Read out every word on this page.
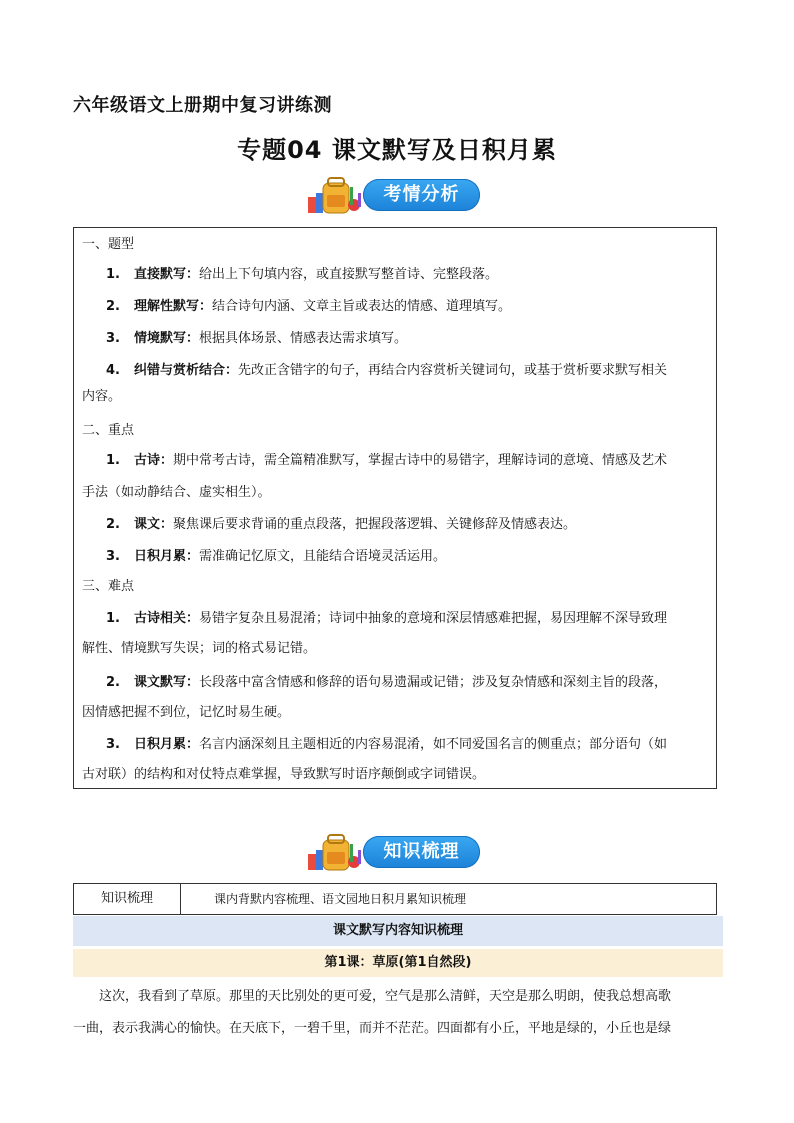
六年级语文上册期中复习讲练测
专题04 课文默写及日积月累
考情分析
一、题型
1. 直接默写：给出上下句填内容，或直接默写整首诗、完整段落。
2. 理解性默写：结合诗句内涵、文章主旨或表达的情感、道理填写。
3. 情境默写：根据具体场景、情感表达需求填写。
4. 纠错与赏析结合：先改正含错字的句子，再结合内容赏析关键词句，或基于赏析要求默写相关
内容。
二、重点
1. 古诗：期中常考古诗，需全篇精准默写，掌握古诗中的易错字，理解诗词的意境、情感及艺术
手法（如动静结合、虚实相生）。
2. 课文：聚焦课后要求背诵的重点段落，把握段落逻辑、关键修辞及情感表达。
3. 日积月累：需准确记忆原文，且能结合语境灵活运用。
三、难点
1. 古诗相关：易错字复杂且易混淆；诗词中抽象的意境和深层情感难把握，易因理解不深导致理
解性、情境默写失误；词的格式易记错。
2. 课文默写：长段落中富含情感和修辞的语句易遗漏或记错；涉及复杂情感和深刻主旨的段落，
因情感把握不到位，记忆时易生硬。
3. 日积月累：名言内涵深刻且主题相近的内容易混淆，如不同爱国名言的侧重点；部分语句（如
古对联）的结构和对仗特点难掌握，导致默写时语序颠倒或字词错误。
知识梳理
知识梳理	课内背默内容梳理、语文园地日积月累知识梳理
课文默写内容知识梳理
第1课：草原(第1自然段)
这次，我看到了草原。那里的天比别处的更可爱，空气是那么清鲜，天空是那么明朗，使我总想高歌
一曲，表示我满心的愉快。在天底下，一碧千里，而并不茫茫。四面都有小丘，平地是绿的，小丘也是绿
